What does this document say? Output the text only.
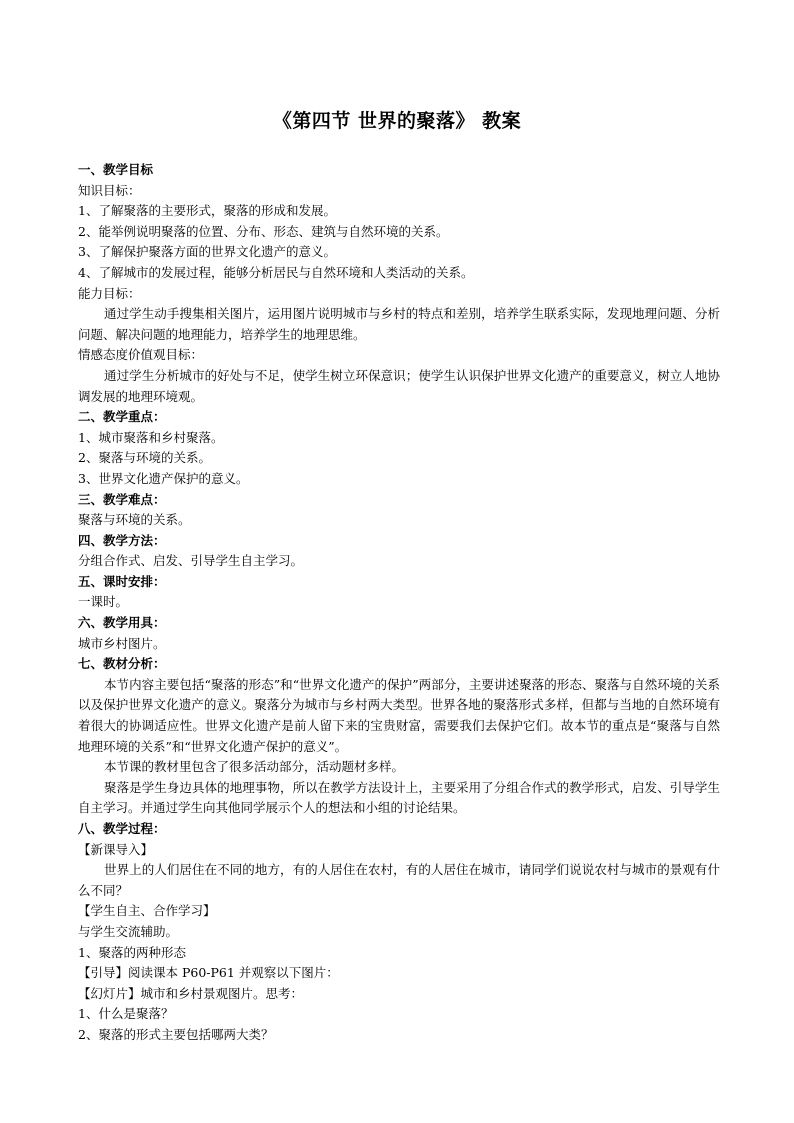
《第四节 世界的聚落》 教案

一、教学目标

知识目标：

1、了解聚落的主要形式，聚落的形成和发展。

2、能举例说明聚落的位置、分布、形态、建筑与自然环境的关系。

3、了解保护聚落方面的世界文化遗产的意义。

4、了解城市的发展过程，能够分析居民与自然环境和人类活动的关系。

能力目标：

通过学生动手搜集相关图片，运用图片说明城市与乡村的特点和差别，培养学生联系实际，发现地理问题、分析问题、解决问题的地理能力，培养学生的地理思维。

情感态度价值观目标：

通过学生分析城市的好处与不足，使学生树立环保意识；使学生认识保护世界文化遗产的重要意义，树立人地协调发展的地理环境观。

二、教学重点：

1、城市聚落和乡村聚落。

2、聚落与环境的关系。

3、世界文化遗产保护的意义。

三、教学难点：

聚落与环境的关系。

四、教学方法：

分组合作式、启发、引导学生自主学习。

五、课时安排：

一课时。

六、教学用具：

城市乡村图片。

七、教材分析：

本节内容主要包括“聚落的形态”和“世界文化遗产的保护”两部分，主要讲述聚落的形态、聚落与自然环境的关系以及保护世界文化遗产的意义。聚落分为城市与乡村两大类型。世界各地的聚落形式多样，但都与当地的自然环境有着很大的协调适应性。世界文化遗产是前人留下来的宝贵财富，需要我们去保护它们。故本节的重点是“聚落与自然地理环境的关系”和“世界文化遗产保护的意义”。

本节课的教材里包含了很多活动部分，活动题材多样。

聚落是学生身边具体的地理事物，所以在教学方法设计上，主要采用了分组合作式的教学形式，启发、引导学生自主学习。并通过学生向其他同学展示个人的想法和小组的讨论结果。

八、教学过程：

【新课导入】

世界上的人们居住在不同的地方，有的人居住在农村，有的人居住在城市，请同学们说说农村与城市的景观有什么不同？

【学生自主、合作学习】

与学生交流辅助。

1、聚落的两种形态

【引导】阅读课本 P60-P61 并观察以下图片：

【幻灯片】城市和乡村景观图片。思考：

1、什么是聚落？

2、聚落的形式主要包括哪两大类？
